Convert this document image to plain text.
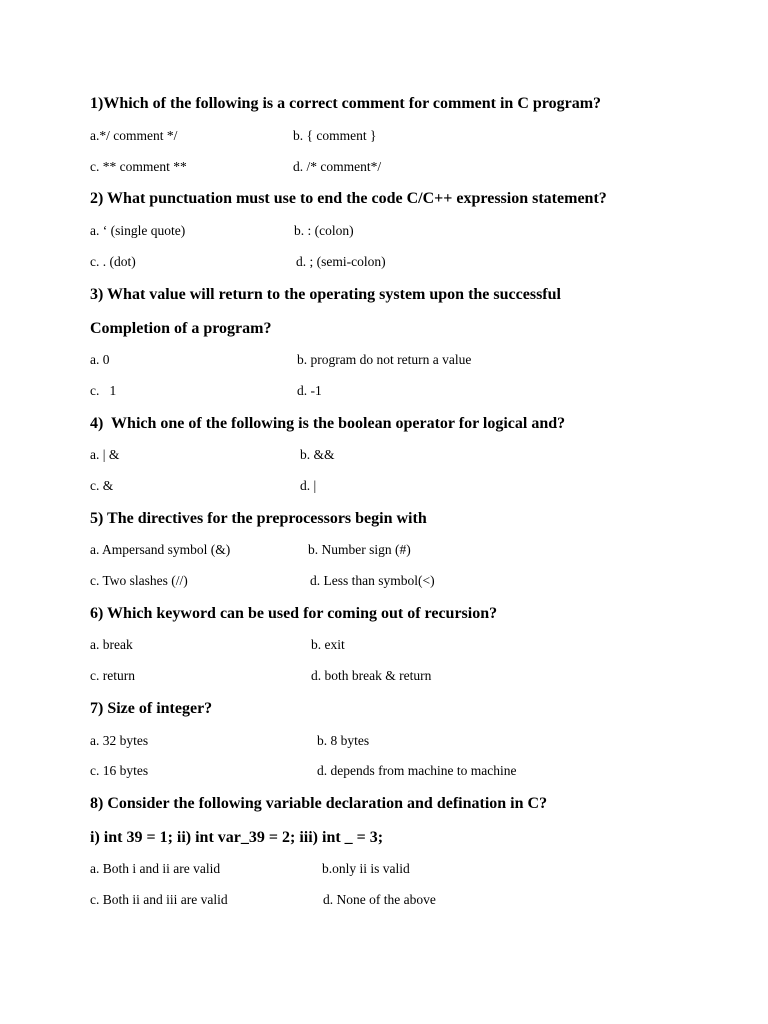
1)Which of the following is a correct comment for comment in C program?
a.*/ comment */	b. { comment }
c. ** comment **	d. /* comment*/
2) What punctuation must use to end the code C/C++ expression statement?
a. ‘ (single quote)	b. : (colon)
c. . (dot)	d. ; (semi-colon)
3) What value will return to the operating system upon the successful
Completion of a program?
a. 0	b. program do not return a value
c.   1	d. -1
4)  Which one of the following is the boolean operator for logical and?
a. | &	b. &&
c. &	d. |
5) The directives for the preprocessors begin with
a. Ampersand symbol (&)	b. Number sign (#)
c. Two slashes (//)	d. Less than symbol(<)
6) Which keyword can be used for coming out of recursion?
a. break	b. exit
c. return	d. both break & return
7) Size of integer?
a. 32 bytes	b. 8 bytes
c. 16 bytes	d. depends from machine to machine
8) Consider the following variable declaration and defination in C?
i) int 39 = 1; ii) int var_39 = 2; iii) int _ = 3;
a. Both i and ii are valid	b.only ii is valid
c. Both ii and iii are valid	d. None of the above
